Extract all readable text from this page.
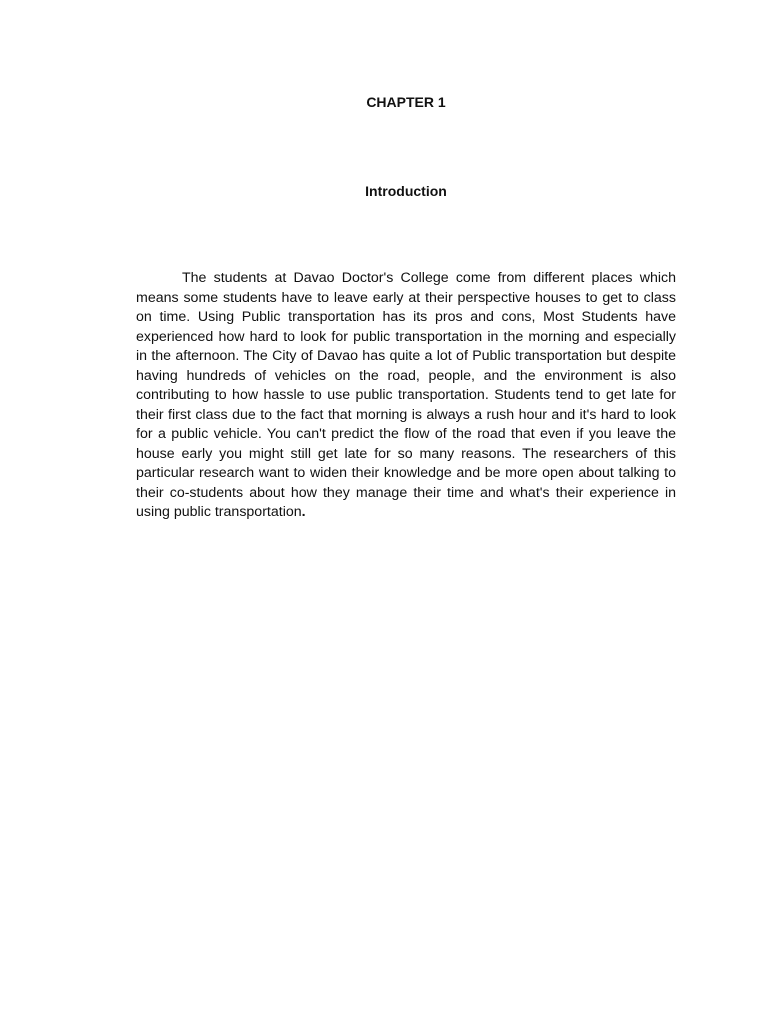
CHAPTER 1
Introduction

The students at Davao Doctor's College come from different places which means some students have to leave early at their perspective houses to get to class on time. Using Public transportation has its pros and cons, Most Students have experienced how hard to look for public transportation in the morning and especially in the afternoon. The City of Davao has quite a lot of Public transportation but despite having hundreds of vehicles on the road, people, and the environment is also contributing to how hassle to use public transportation. Students tend to get late for their first class due to the fact that morning is always a rush hour and it's hard to look for a public vehicle. You can't predict the flow of the road that even if you leave the house early you might still get late for so many reasons. The researchers of this particular research want to widen their knowledge and be more open about talking to their co-students about how they manage their time and what's their experience in using public transportation.
